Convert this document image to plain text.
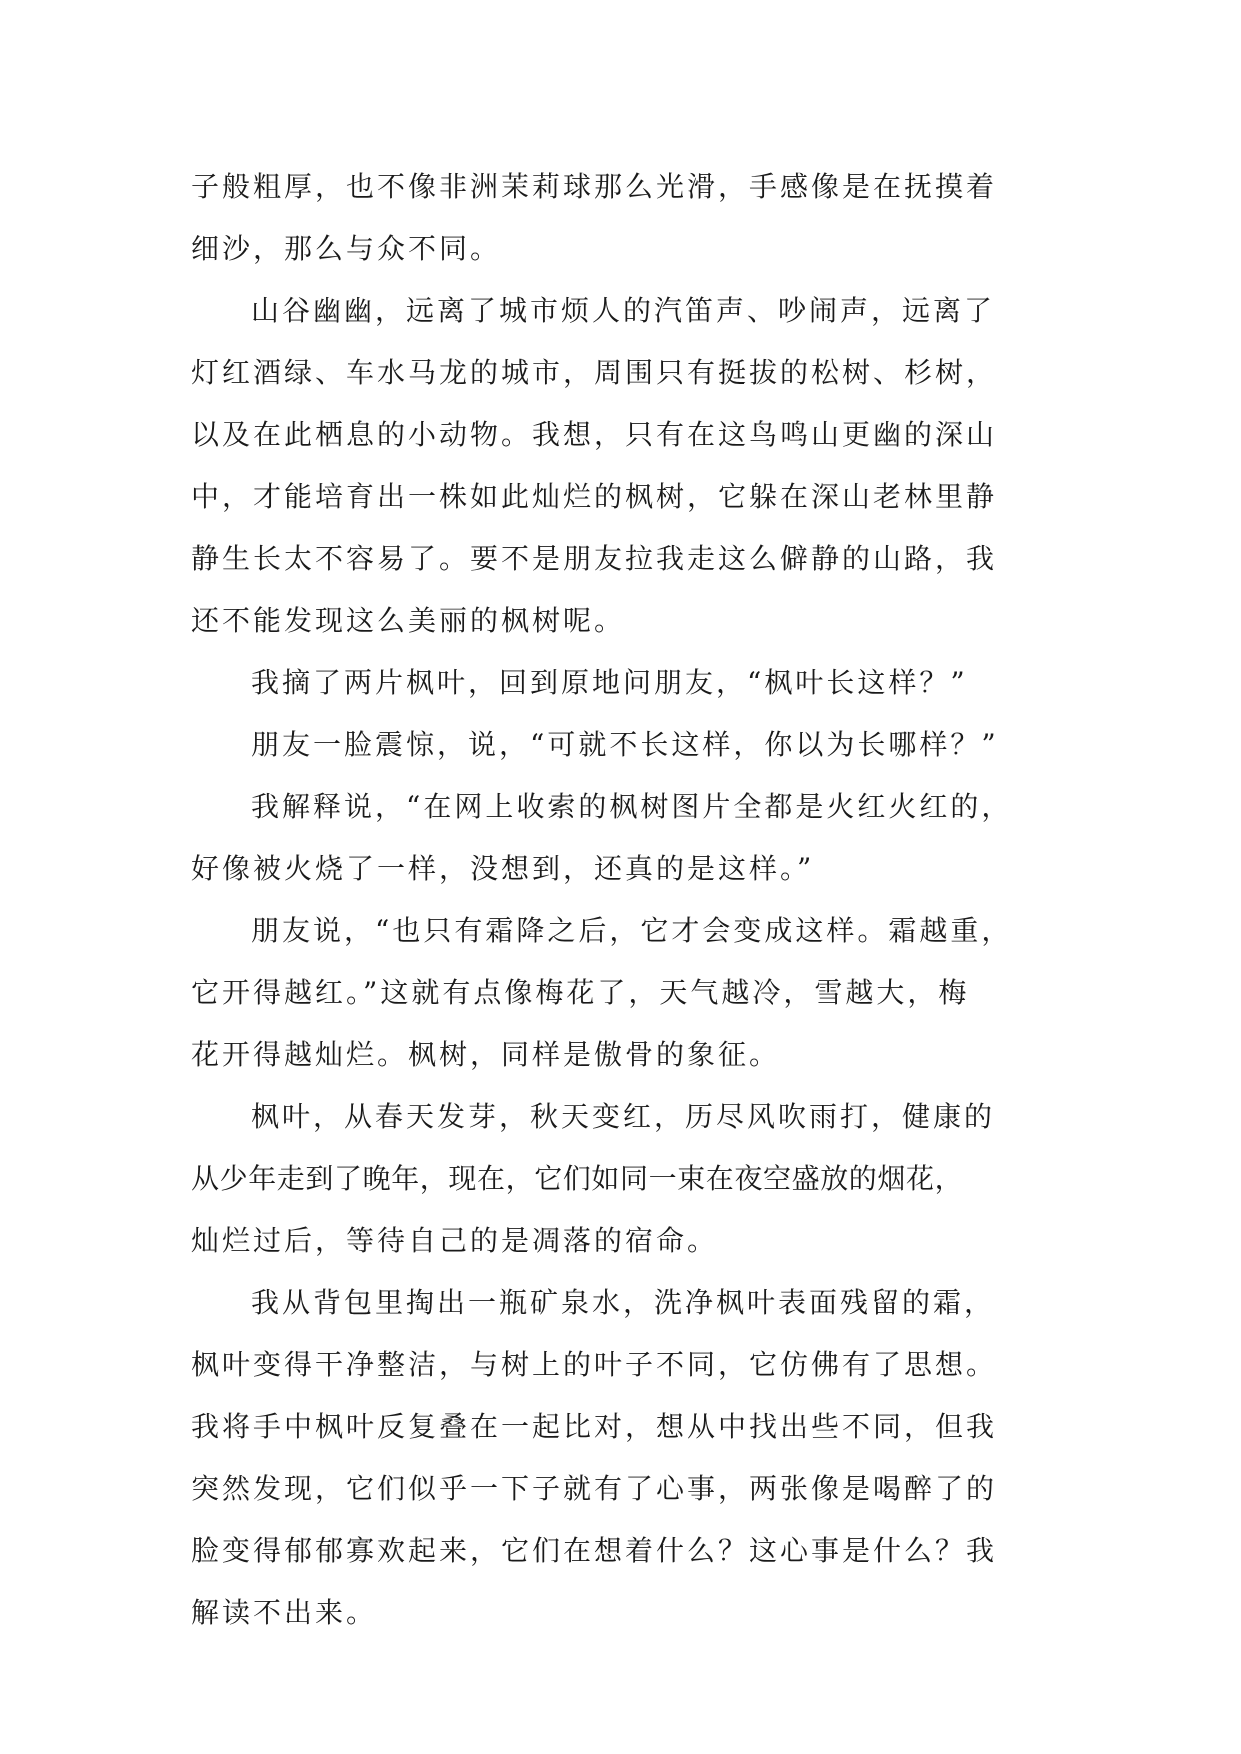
子般粗厚，也不像非洲茉莉球那么光滑，手感像是在抚摸着
细沙，那么与众不同。
山谷幽幽，远离了城市烦人的汽笛声、吵闹声，远离了
灯红酒绿、车水马龙的城市，周围只有挺拔的松树、杉树，
以及在此栖息的小动物。我想，只有在这鸟鸣山更幽的深山
中，才能培育出一株如此灿烂的枫树，它躲在深山老林里静
静生长太不容易了。要不是朋友拉我走这么僻静的山路，我
还不能发现这么美丽的枫树呢。
我摘了两片枫叶，回到原地问朋友，“枫叶长这样？”
朋友一脸震惊，说，“可就不长这样，你以为长哪样？”
我解释说，“在网上收索的枫树图片全都是火红火红的，
好像被火烧了一样，没想到，还真的是这样。”
朋友说，“也只有霜降之后，它才会变成这样。霜越重，
它开得越红。”这就有点像梅花了，天气越冷，雪越大，梅
花开得越灿烂。枫树，同样是傲骨的象征。
枫叶，从春天发芽，秋天变红，历尽风吹雨打，健康的
从少年走到了晚年，现在，它们如同一束在夜空盛放的烟花，
灿烂过后，等待自己的是凋落的宿命。
我从背包里掏出一瓶矿泉水，洗净枫叶表面残留的霜，
枫叶变得干净整洁，与树上的叶子不同，它仿佛有了思想。
我将手中枫叶反复叠在一起比对，想从中找出些不同，但我
突然发现，它们似乎一下子就有了心事，两张像是喝醉了的
脸变得郁郁寡欢起来，它们在想着什么？这心事是什么？我
解读不出来。
